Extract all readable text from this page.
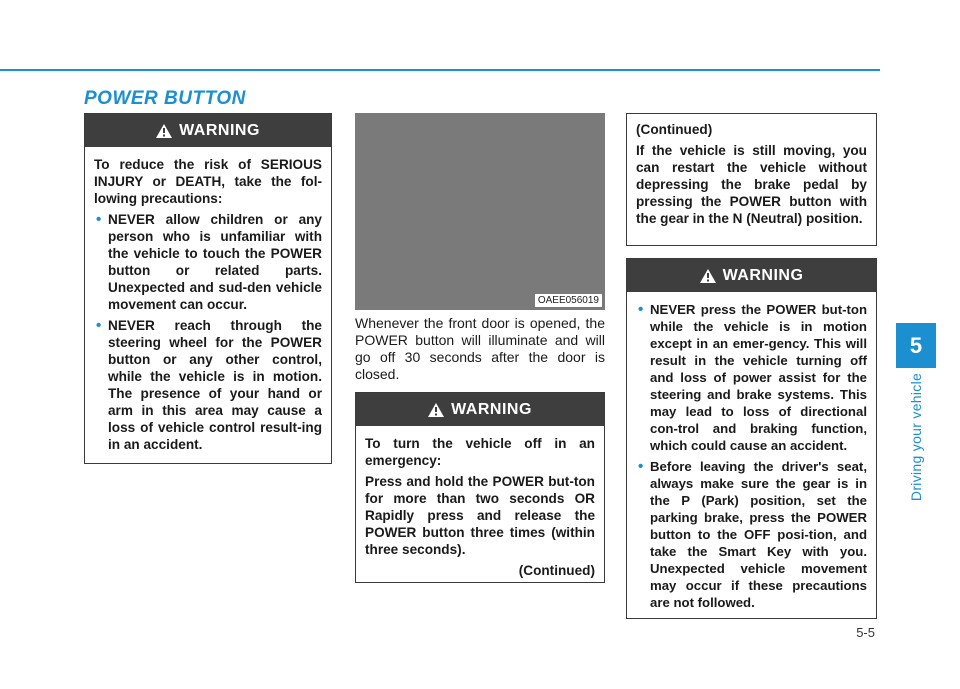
POWER BUTTON
5
Driving your vehicle
WARNING

To reduce the risk of SERIOUS INJURY or DEATH, take the fol-lowing precautions:

• NEVER allow children or any person who is unfamiliar with the vehicle to touch the POWER button or related parts. Unexpected and sud-den vehicle movement can occur.
• NEVER reach through the steering wheel for the POWER button or any other control, while the vehicle is in motion. The presence of your hand or arm in this area may cause a loss of vehicle control result-ing in an accident.
OAEE056019

Whenever the front door is opened, the POWER button will illuminate and will go off 30 seconds after the door is closed.

WARNING

To turn the vehicle off in an emergency:

Press and hold the POWER but-ton for more than two seconds OR Rapidly press and release the POWER button three times (within three seconds).

(Continued)

(Continued)

If the vehicle is still moving, you can restart the vehicle without depressing the brake pedal by pressing the POWER button with the gear in the N (Neutral) position.

WARNING
• NEVER press the POWER but-ton while the vehicle is in motion except in an emer-gency. This will result in the vehicle turning off and loss of power assist for the steering and brake systems. This may lead to loss of directional con-trol and braking function, which could cause an accident.
• Before leaving the driver's seat, always make sure the gear is in the P (Park) position, set the parking brake, press the POWER button to the OFF posi-tion, and take the Smart Key with you. Unexpected vehicle movement may occur if these precautions are not followed.
5-5
